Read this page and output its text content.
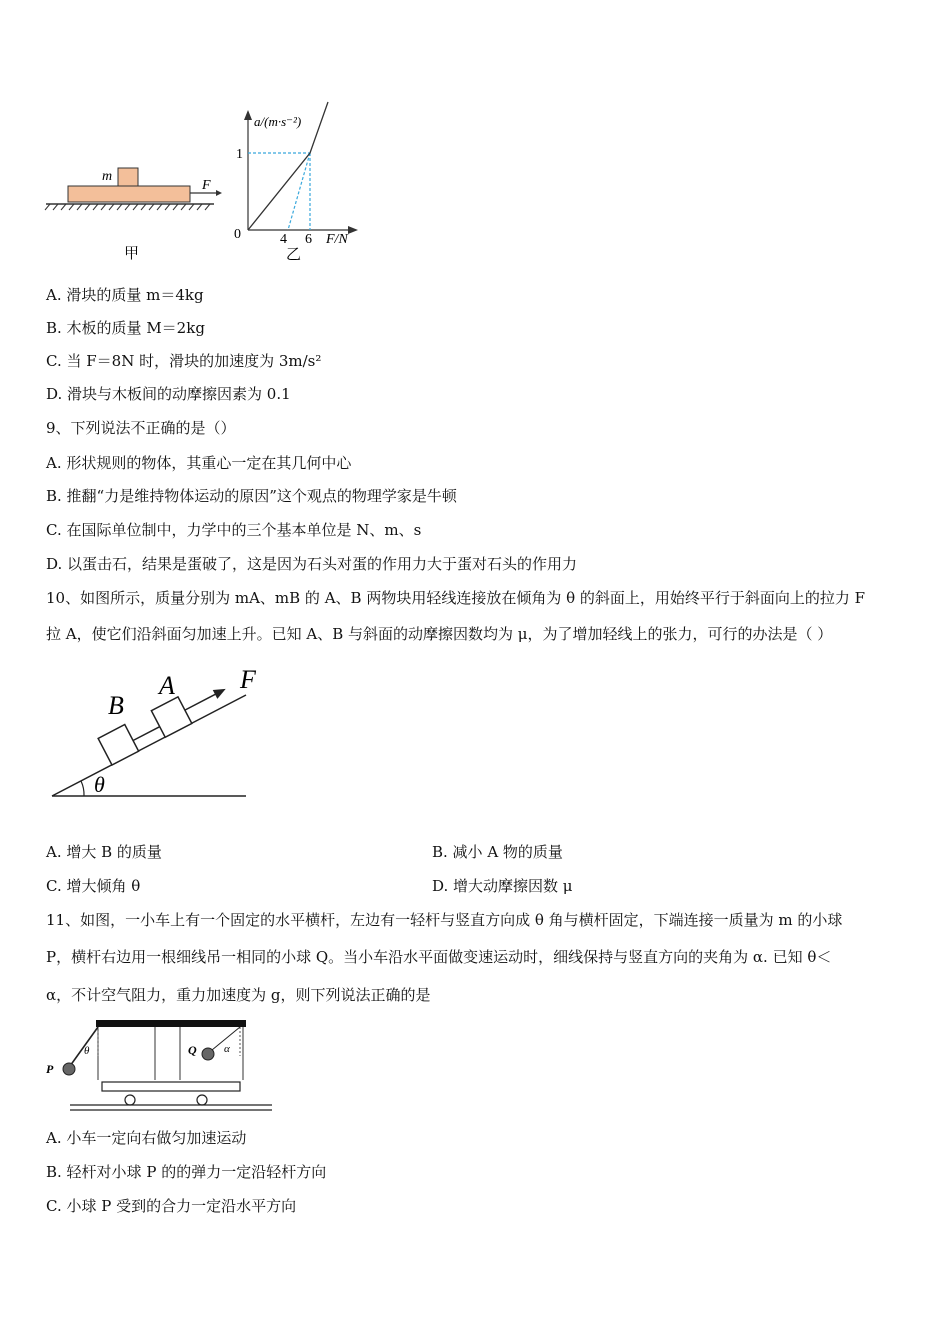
m
F
甲
a/(m·s⁻²)
1
0	4 6 F/N
乙
A. 滑块的质量 m＝4kg
B. 木板的质量 M＝2kg
C. 当 F＝8N 时，滑块的加速度为 3m/s²
D. 滑块与木板间的动摩擦因素为 0.1
9、下列说法不正确的是（）
A. 形状规则的物体，其重心一定在其几何中心
B. 推翻“力是维持物体运动的原因”这个观点的物理学家是牛顿
C. 在国际单位制中，力学中的三个基本单位是 N、m、s
D. 以蛋击石，结果是蛋破了，这是因为石头对蛋的作用力大于蛋对石头的作用力
10、如图所示，质量分别为 mA、mB 的 A、B 两物块用轻线连接放在倾角为 θ 的斜面上，用始终平行于斜面向上的拉力 F
拉 A，使它们沿斜面匀加速上升。已知 A、B 与斜面的动摩擦因数均为 μ，为了增加轻线上的张力，可行的办法是（ ）
θ
B
A	F
A. 增大 B 的质量	B. 减小 A 物的质量
C. 增大倾角 θ	D. 增大动摩擦因数 μ
11、如图，一小车上有一个固定的水平横杆，左边有一轻杆与竖直方向成 θ 角与横杆固定，下端连接一质量为 m 的小球
P，横杆右边用一根细线吊一相同的小球 Q。当小车沿水平面做变速运动时，细线保持与竖直方向的夹角为 α. 已知 θ＜
α，不计空气阻力，重力加速度为 g，则下列说法正确的是
P
θ	Q α
A. 小车一定向右做匀加速运动
B. 轻杆对小球 P 的的弹力一定沿轻杆方向
C. 小球 P 受到的合力一定沿水平方向
